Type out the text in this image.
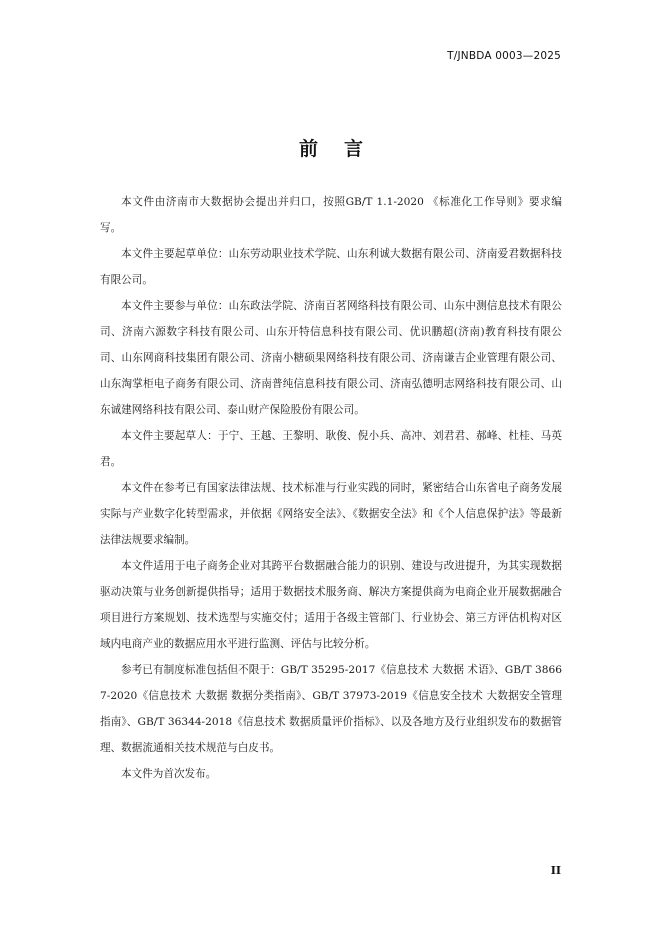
T/JNBDA 0003—2025
前言

本文件由济南市大数据协会提出并归口，按照GB/T 1.1-2020 《标准化工作导则》要求编写。

本文件主要起草单位：山东劳动职业技术学院、山东利诚大数据有限公司、济南爱君数据科技有限公司。

本文件主要参与单位：山东政法学院、济南百茗网络科技有限公司、山东中测信息技术有限公司、济南六源数字科技有限公司、山东开特信息科技有限公司、优识鹏超(济南)教育科技有限公司、山东网商科技集团有限公司、济南小糖硕果网络科技有限公司、济南谦吉企业管理有限公司、山东淘掌柜电子商务有限公司、济南普纯信息科技有限公司、济南弘德明志网络科技有限公司、山东诚建网络科技有限公司、泰山财产保险股份有限公司。

本文件主要起草人：于宁、王越、王黎明、耿俊、倪小兵、高冲、刘君君、郝峰、杜桂、马英君。

本文件在参考已有国家法律法规、技术标准与行业实践的同时，紧密结合山东省电子商务发展实际与产业数字化转型需求，并依据《网络安全法》、《数据安全法》和《个人信息保护法》等最新法律法规要求编制。

本文件适用于电子商务企业对其跨平台数据融合能力的识别、建设与改进提升，为其实现数据驱动决策与业务创新提供指导；适用于数据技术服务商、解决方案提供商为电商企业开展数据融合项目进行方案规划、技术选型与实施交付；适用于各级主管部门、行业协会、第三方评估机构对区域内电商产业的数据应用水平进行监测、评估与比较分析。

参考已有制度标准包括但不限于：GB/T 35295-2017《信息技术 大数据 术语》、GB/T 38667-2020《信息技术 大数据 数据分类指南》、GB/T 37973-2019《信息安全技术 大数据安全管理指南》、GB/T 36344-2018《信息技术 数据质量评价指标》、以及各地方及行业组织发布的数据管理、数据流通相关技术规范与白皮书。

本文件为首次发布。

II
